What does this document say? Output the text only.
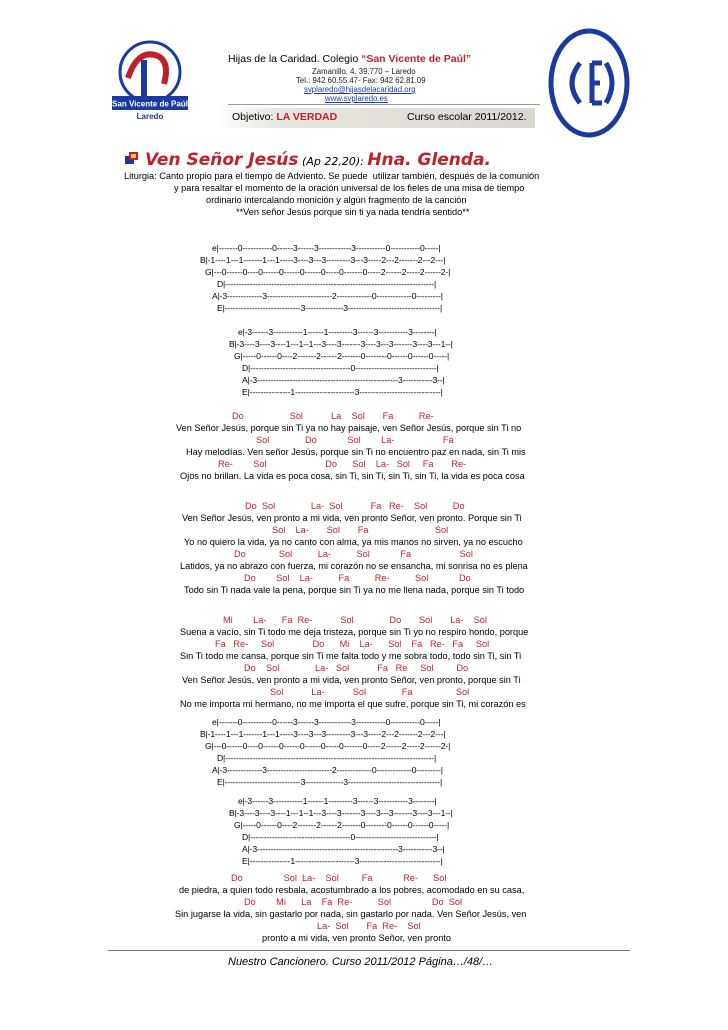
San Vicente de Paúl
Laredo
Hijas de la Caridad. Colegio “San Vicente de Paúl”
Zamanillo, 4. 39.770 – Laredo
Tel.: 942 60.55.47- Fax: 942 62.81.09
svplaredo@hijasdelacaridad.org
www.svplaredo.es
Objetivo: LA VERDAD	Curso escolar 2011/2012.
Ven Señor Jesús (Ap 22,20): Hna. Glenda.
Liturgia: Canto propio para el tiempo de Adviento. Se puede  utilizar también, después de la comunión
y para resaltar el momento de la oración universal de los fieles de una misa de tiempo
ordinario intercalando monición y algún fragmento de la canción
**Ven señor Jesús porque sin ti ya nada tendría sentido**
e|-------0-----------0------3------3------------3-----------0-----------0-----|
B|-1----1---1-------1---1-----3----3---3---------3---3-----2---2-------2---2---|
G|---0------0----0------0------0------0-----0-------0-----2------2-----2------2-|
D|-----------------------------------------------------------------------------|
A|-3-------------3------------------------2-------------0-------------0---------|
E|----------------------------3--------------3----------------------------------|
e|-3------3-----------1------1---------3------3-----------3--------|
B|-3----3----3----1---1--1---3----3-------3----3---3-------3----3---1--|
G|-----0------0----2-------2------2-------0--------0------0------0-----|
D|-------------------------------------0------------------------------|
A|-3----------------------------------------------------3-----------3--|
E|---------------1----------------------3------------------------------|
Do                  Sol           La    Sol       Fa          Re-
Ven Señor Jesús, porque sin Ti ya no hay paisaje, ven Señor Jesús, porque sin Ti no
Sol              Do            Sol        La-                   Fa
Hay melodías. Ven señor Jesús, porque sin Ti no encuentro paz en nada, sin Ti mis
Re-        Sol                       Do      Sol    La-   Sol     Fa       Re-
Ojos no brillan. La vida es poca cosa, sin Ti, sin Ti, sin Ti, sin Ti, la vida es poca cosa
Do  Sol              La-  Sol           Fa   Re-    Sol          Do
Ven Señor Jesús, ven pronto a mi vida, ven pronto Señor, ven pronto. Porque sin Ti
Sol    La-       Sol       Fa                          Sol
Yo no quiero la vida, ya no canto con alma, ya mis manos no sirven, ya no escucho
Do             Sol          La-          Sol            Fa                   Sol
Latidos, ya no abrazo con fuerza, mi corazón no se ensancha, mi sonrisa no es plena
Do        Sol    La-          Fa          Re-          Sol            Do
Todo sin Ti nada vale la pena, porque sin Ti ya no me llena nada, porque sin Ti todo
Mi        La-      Fa  Re-           Sol              Do       Sol       La-    Sol
Suena a vacío, sin Ti todo me deja tristeza, porque sin Ti yo no respiro hondo, porque
Fa   Re-     Sol               Do      Mi    La-      Sol    Fa   Re-   Fa     Sol
Sin Ti todo me cansa, porque sin Ti me falta todo y me sobra todo, todo sin Ti, sin Ti
Do    Sol              La-   Sol           Fa   Re     Sol         Do
Ven Señor Jesús, ven pronto a mi vida, ven pronto Señor, ven pronto, porque sin Ti
Sol           La-           Sol              Fa                 Sol
No me importa mi hermano, no me importa el que sufre, porque sin Ti, mi corazón es
e|-------0-----------0------3------3------------3-----------0-----------0-----|
B|-1----1---1-------1---1-----3----3---3---------3---3-----2---2-------2---2---|
G|---0------0----0------0------0------0-----0-------0-----2------2-----2------2-|
D|-----------------------------------------------------------------------------|
A|-3-------------3------------------------2-------------0-------------0---------|
E|----------------------------3--------------3----------------------------------|
e|-3------3-----------1------1---------3------3-----------3--------|
B|-3----3----3----1---1--1---3----3-------3----3---3-------3----3---1--|
G|-----0------0----2-------2------2-------0--------0------0------0-----|
D|-------------------------------------0------------------------------|
A|-3----------------------------------------------------3-----------3--|
E|---------------1----------------------3------------------------------|
Do                Sol  La-    Sol         Fa            Re-      Sol
de piedra, a quien todo resbala, acostumbrado a los pobres, acomodado en su casa,
Do        Mi      La    Fa  Re-          Sol                Do  Sol
Sin jugarse la vida, sin gastarlo por nada, sin gastarlo por nada. Ven Señor Jesús, ven
La-  Sol       Fa  Re-    Sol
pronto a mi vida, ven pronto Señor, ven pronto
Nuestro Cancionero. Curso 2011/2012 Página…/48/…
